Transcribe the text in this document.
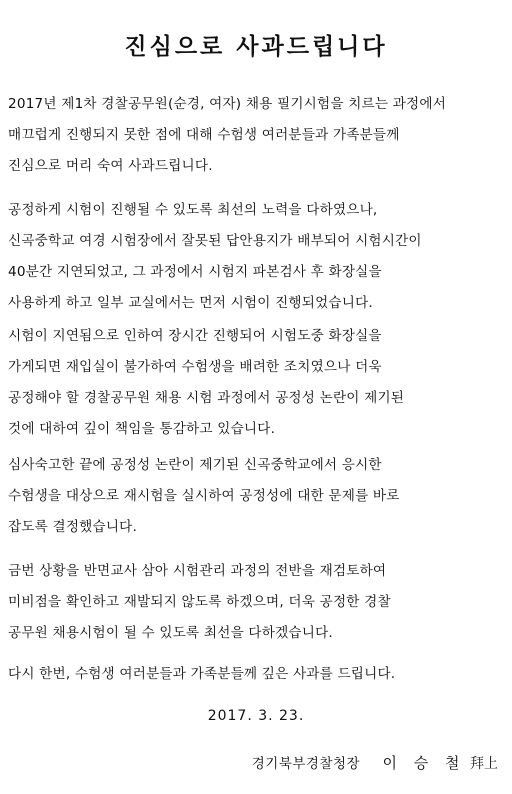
진심으로 사과드립니다
2017년 제1차 경찰공무원(순경, 여자) 채용 필기시험을 치르는 과정에서
매끄럽게 진행되지 못한 점에 대해 수험생 여러분들과 가족분들께
진심으로 머리 숙여 사과드립니다.
공정하게 시험이 진행될 수 있도록 최선의 노력을 다하였으나,
신곡중학교 여경 시험장에서 잘못된 답안용지가 배부되어 시험시간이
40분간 지연되었고, 그 과정에서 시험지 파본검사 후 화장실을
사용하게 하고 일부 교실에서는 먼저 시험이 진행되었습니다.
시험이 지연됨으로 인하여 장시간 진행되어 시험도중 화장실을
가게되면 재입실이 불가하여 수험생을 배려한 조치였으나 더욱
공정해야 할 경찰공무원 채용 시험 과정에서 공정성 논란이 제기된
것에 대하여 깊이 책임을 통감하고 있습니다.
심사숙고한 끝에 공정성 논란이 제기된 신곡중학교에서 응시한
수험생을 대상으로 재시험을 실시하여 공정성에 대한 문제를 바로
잡도록 결정했습니다.
금번 상황을 반면교사 삼아 시험관리 과정의 전반을 재검토하여
미비점을 확인하고 재발되지 않도록 하겠으며, 더욱 공정한 경찰
공무원 채용시험이 될 수 있도록 최선을 다하겠습니다.
다시 한번, 수험생 여러분들과 가족분들께 깊은 사과를 드립니다.
2017. 3. 23.
경기북부경찰청장 이 승 철 拜上
